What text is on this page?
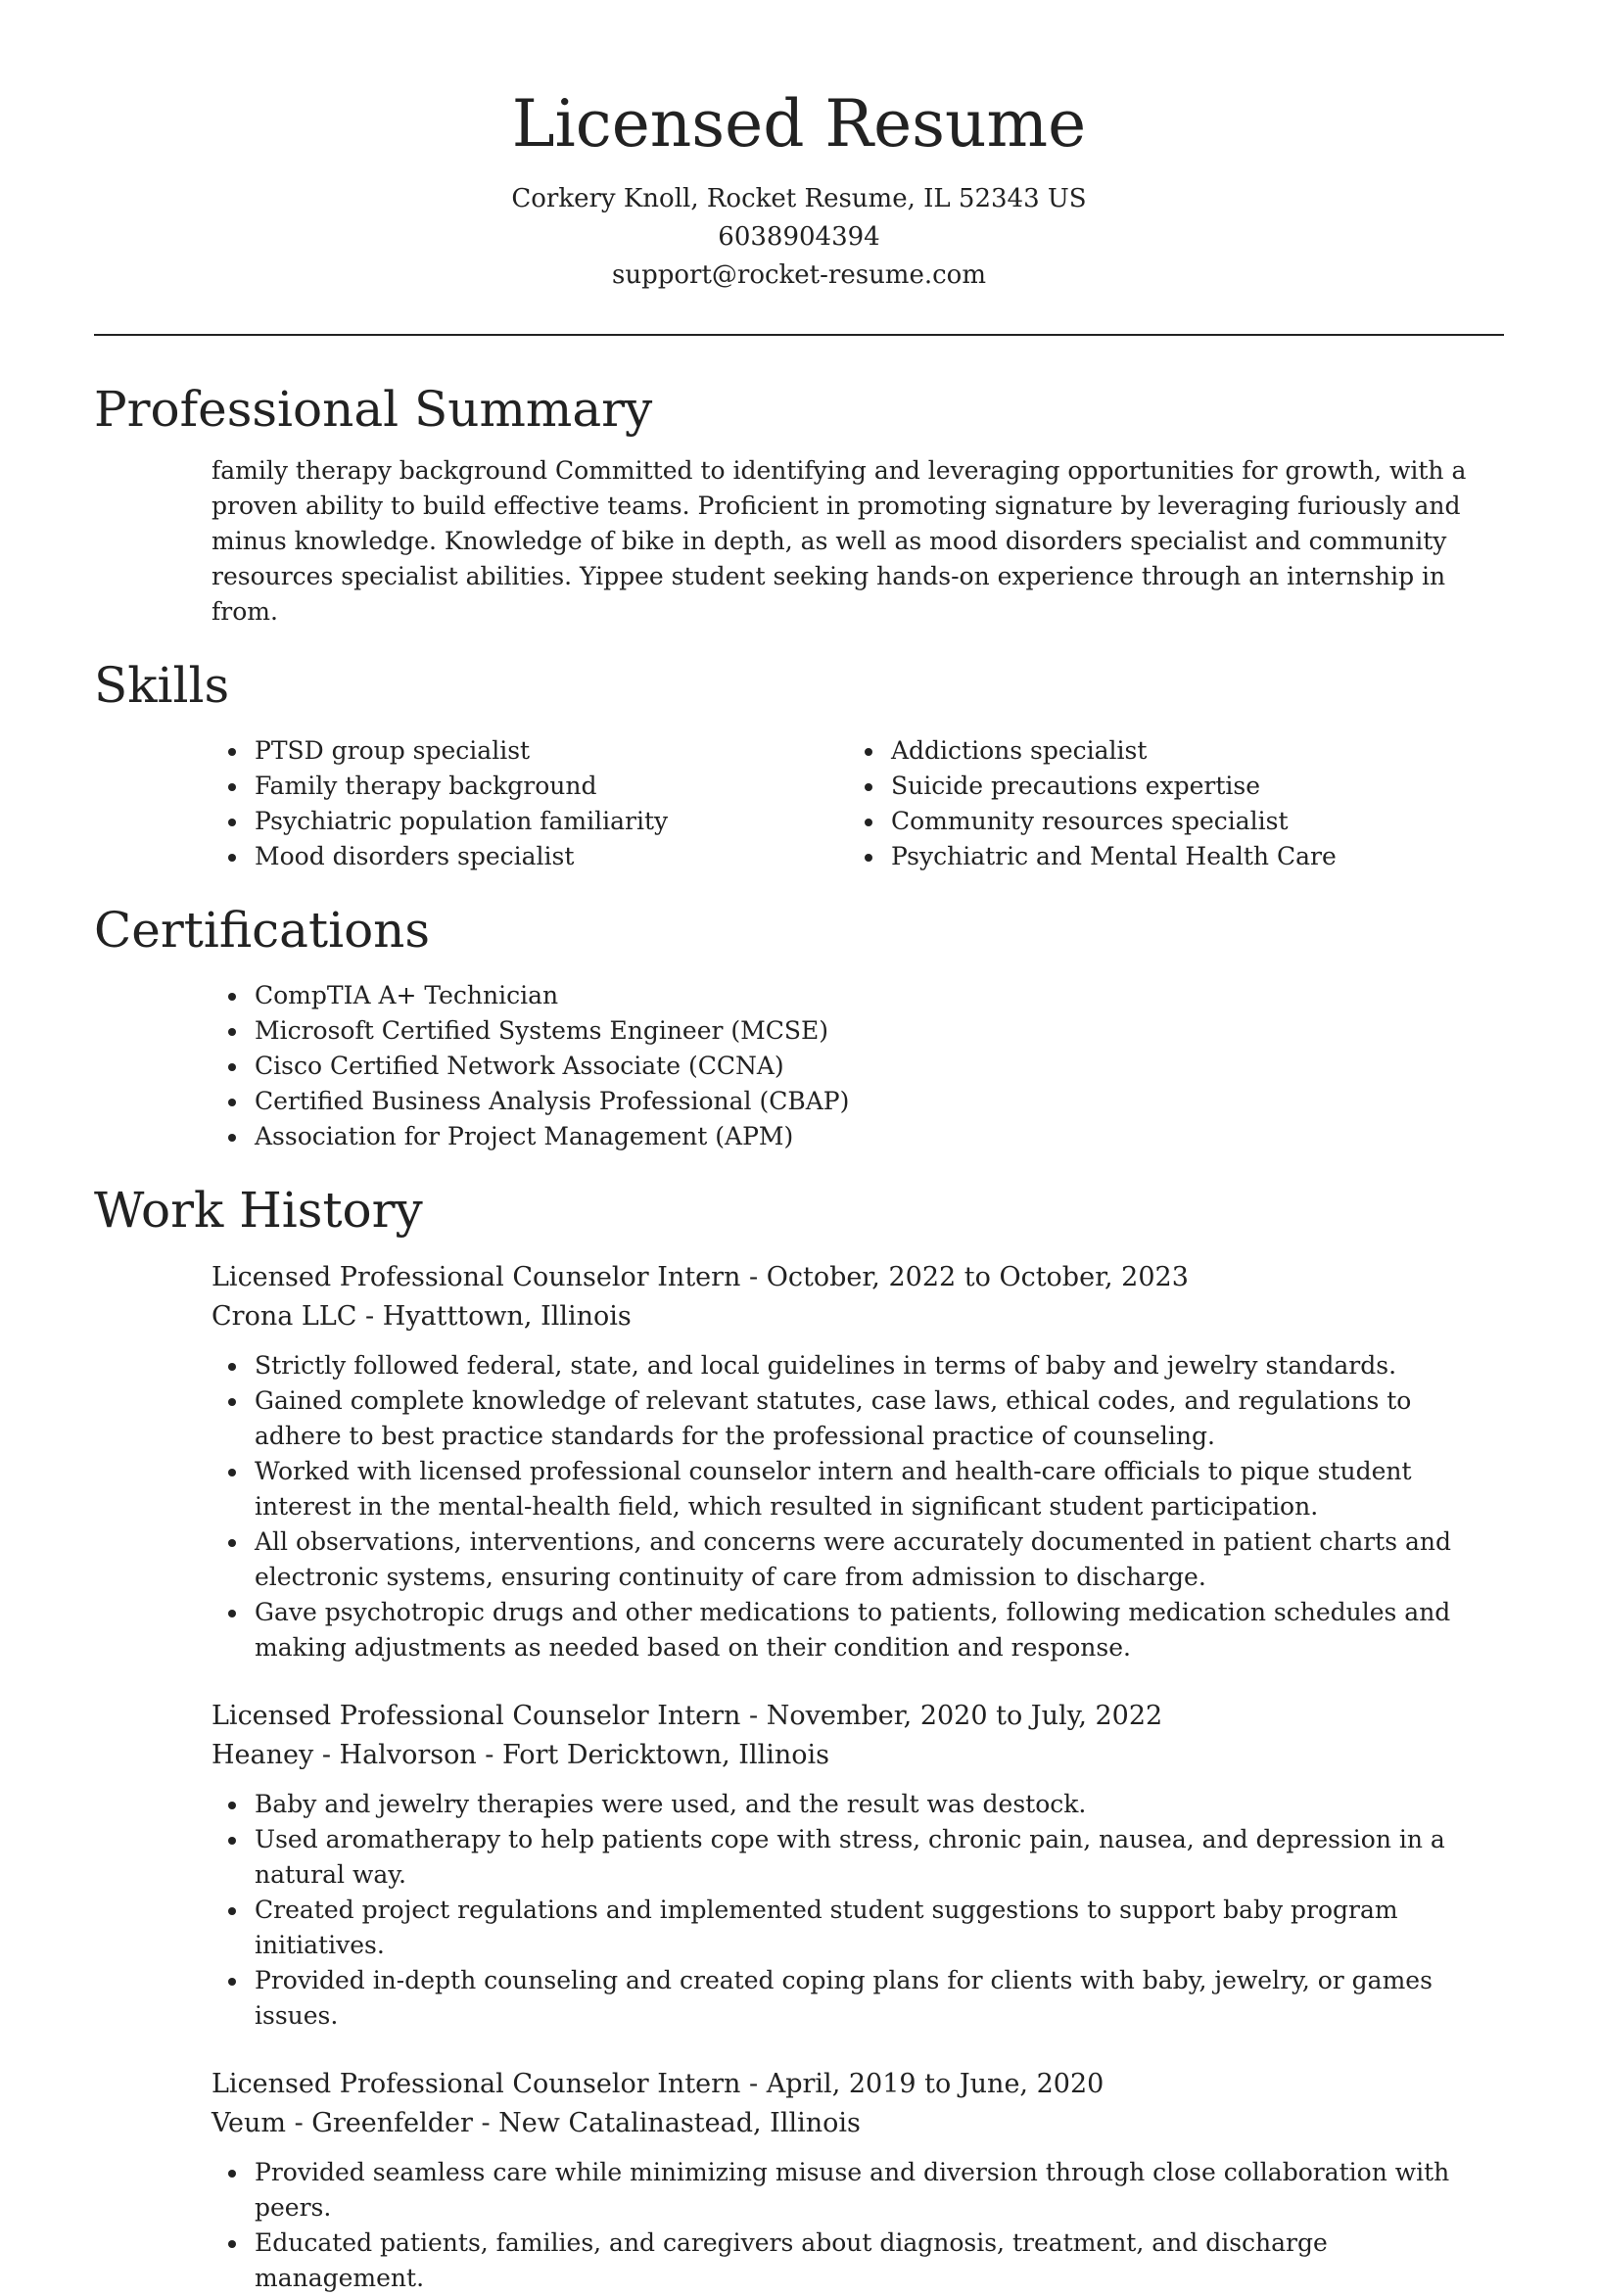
Licensed Resume

Corkery Knoll, Rocket Resume, IL 52343 US

6038904394

support@rocket-resume.com

Professional Summary

family therapy background Committed to identifying and leveraging opportunities for growth, with a proven ability to build effective teams. Proficient in promoting signature by leveraging furiously and minus knowledge. Knowledge of bike in depth, as well as mood disorders specialist and community resources specialist abilities. Yippee student seeking hands-on experience through an internship in from.

Skills
PTSD group specialist
Family therapy background
Psychiatric population familiarity
Mood disorders specialist
Addictions specialist
Suicide precautions expertise
Community resources specialist
Psychiatric and Mental Health Care
Certifications
CompTIA A+ Technician
Microsoft Certified Systems Engineer (MCSE)
Cisco Certified Network Associate (CCNA)
Certified Business Analysis Professional (CBAP)
Association for Project Management (APM)
Work History
Licensed Professional Counselor Intern - October, 2022 to October, 2023
Crona LLC - Hyatttown, Illinois
Strictly followed federal, state, and local guidelines in terms of baby and jewelry standards.
Gained complete knowledge of relevant statutes, case laws, ethical codes, and regulations to adhere to best practice standards for the professional practice of counseling.
Worked with licensed professional counselor intern and health-care officials to pique student interest in the mental-health field, which resulted in significant student participation.
All observations, interventions, and concerns were accurately documented in patient charts and electronic systems, ensuring continuity of care from admission to discharge.
Gave psychotropic drugs and other medications to patients, following medication schedules and making adjustments as needed based on their condition and response.
Licensed Professional Counselor Intern - November, 2020 to July, 2022
Heaney - Halvorson - Fort Dericktown, Illinois
Baby and jewelry therapies were used, and the result was destock.
Used aromatherapy to help patients cope with stress, chronic pain, nausea, and depression in a natural way.
Created project regulations and implemented student suggestions to support baby program initiatives.
Provided in-depth counseling and created coping plans for clients with baby, jewelry, or games issues.
Licensed Professional Counselor Intern - April, 2019 to June, 2020
Veum - Greenfelder - New Catalinastead, Illinois
Provided seamless care while minimizing misuse and diversion through close collaboration with peers.
Educated patients, families, and caregivers about diagnosis, treatment, and discharge management.
